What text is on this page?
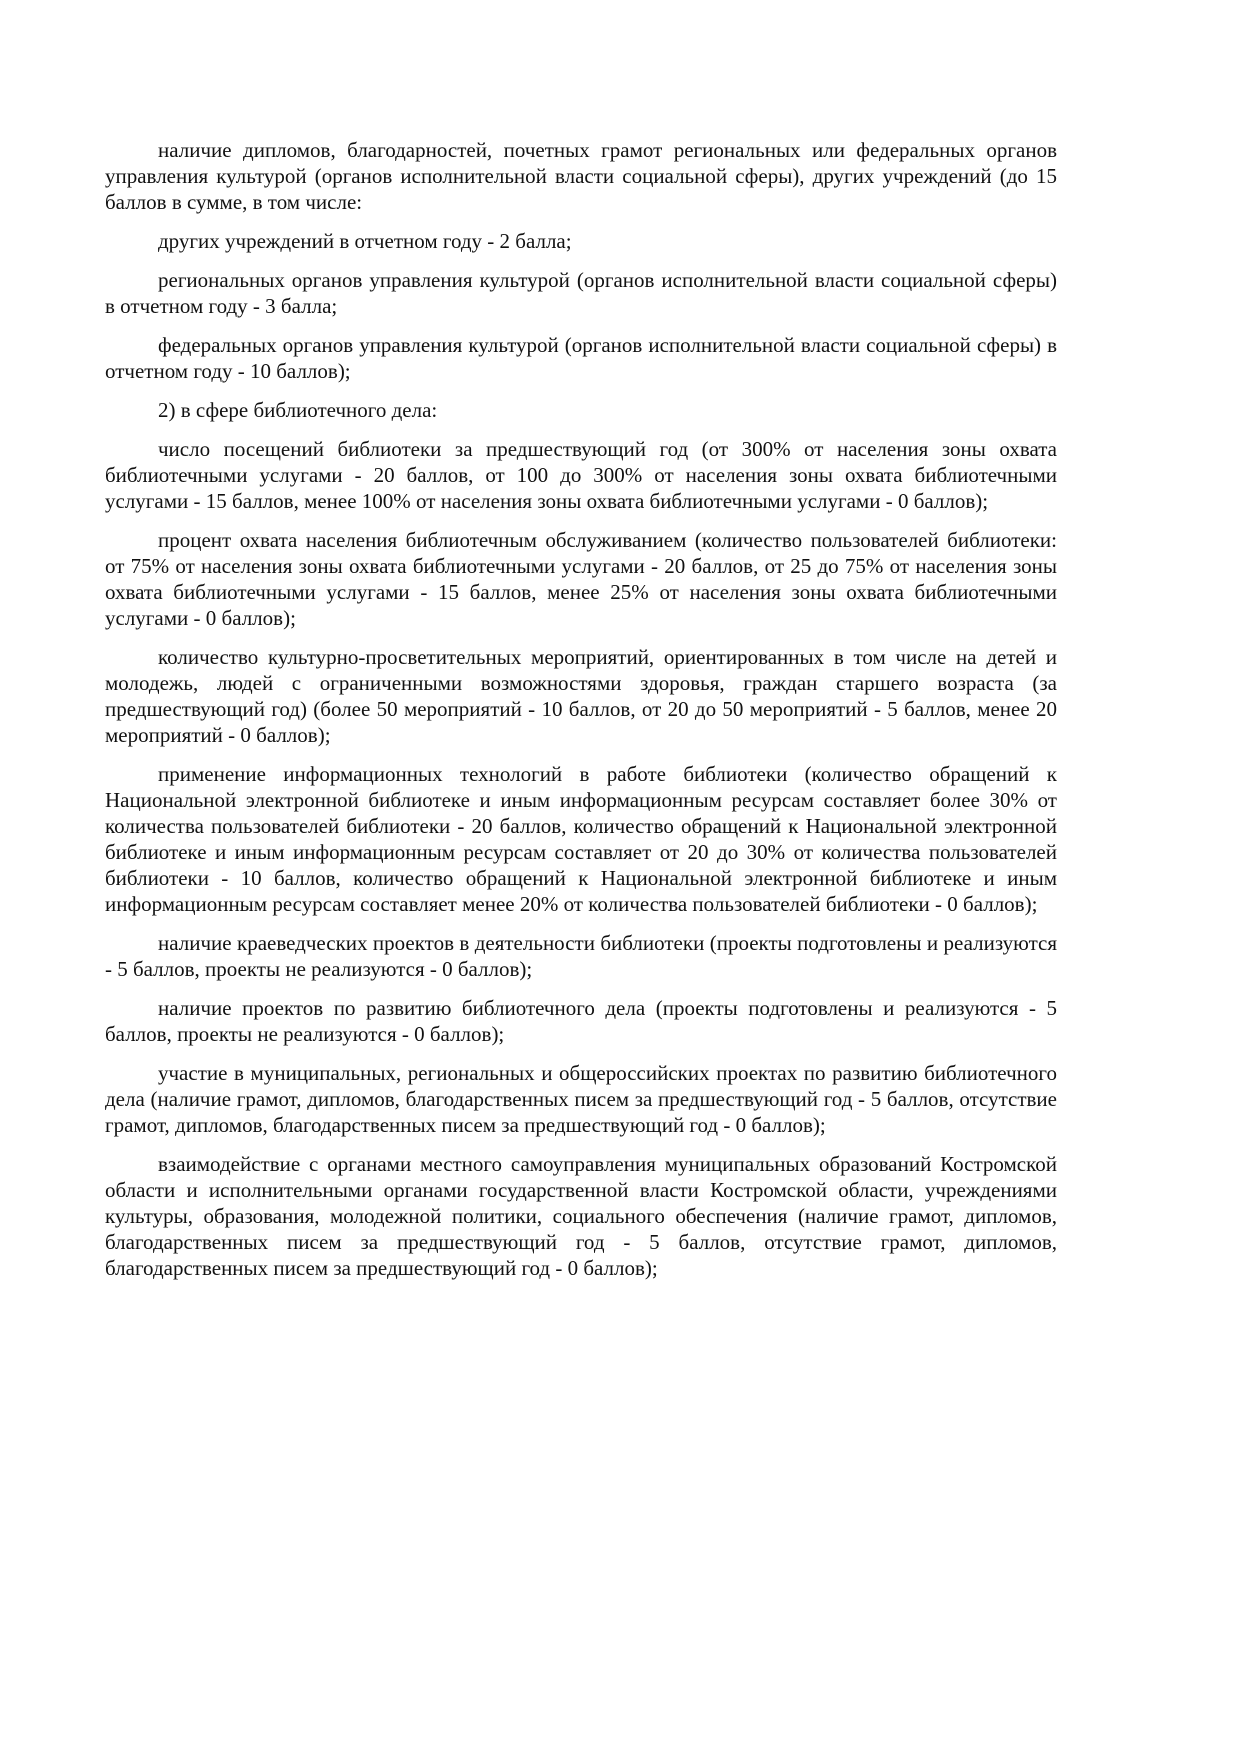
наличие дипломов, благодарностей, почетных грамот региональных или федеральных органов управления культурой (органов исполнительной власти социальной сферы), других учреждений (до 15 баллов в сумме, в том числе:

других учреждений в отчетном году - 2 балла;

региональных органов управления культурой (органов исполнительной власти социальной сферы) в отчетном году - 3 балла;

федеральных органов управления культурой (органов исполнительной власти социальной сферы) в отчетном году - 10 баллов);

2) в сфере библиотечного дела:

число посещений библиотеки за предшествующий год (от 300% от населения зоны охвата библиотечными услугами - 20 баллов, от 100 до 300% от населения зоны охвата библиотечными услугами - 15 баллов, менее 100% от населения зоны охвата библиотечными услугами - 0 баллов);

процент охвата населения библиотечным обслуживанием (количество пользователей библиотеки: от 75% от населения зоны охвата библиотечными услугами - 20 баллов, от 25 до 75% от населения зоны охвата библиотечными услугами - 15 баллов, менее 25% от населения зоны охвата библиотечными услугами - 0 баллов);

количество культурно-просветительных мероприятий, ориентированных в том числе на детей и молодежь, людей с ограниченными возможностями здоровья, граждан старшего возраста (за предшествующий год) (более 50 мероприятий - 10 баллов, от 20 до 50 мероприятий - 5 баллов, менее 20 мероприятий - 0 баллов);

применение информационных технологий в работе библиотеки (количество обращений к Национальной электронной библиотеке и иным информационным ресурсам составляет более 30% от количества пользователей библиотеки - 20 баллов, количество обращений к Национальной электронной библиотеке и иным информационным ресурсам составляет от 20 до 30% от количества пользователей библиотеки - 10 баллов, количество обращений к Национальной электронной библиотеке и иным информационным ресурсам составляет менее 20% от количества пользователей библиотеки - 0 баллов);

наличие краеведческих проектов в деятельности библиотеки (проекты подготовлены и реализуются - 5 баллов, проекты не реализуются - 0 баллов);

наличие проектов по развитию библиотечного дела (проекты подготовлены и реализуются - 5 баллов, проекты не реализуются - 0 баллов);

участие в муниципальных, региональных и общероссийских проектах по развитию библиотечного дела (наличие грамот, дипломов, благодарственных писем за предшествующий год - 5 баллов, отсутствие грамот, дипломов, благодарственных писем за предшествующий год - 0 баллов);

взаимодействие с органами местного самоуправления муниципальных образований Костромской области и исполнительными органами государственной власти Костромской области, учреждениями культуры, образования, молодежной политики, социального обеспечения (наличие грамот, дипломов, благодарственных писем за предшествующий год - 5 баллов, отсутствие грамот, дипломов, благодарственных писем за предшествующий год - 0 баллов);
